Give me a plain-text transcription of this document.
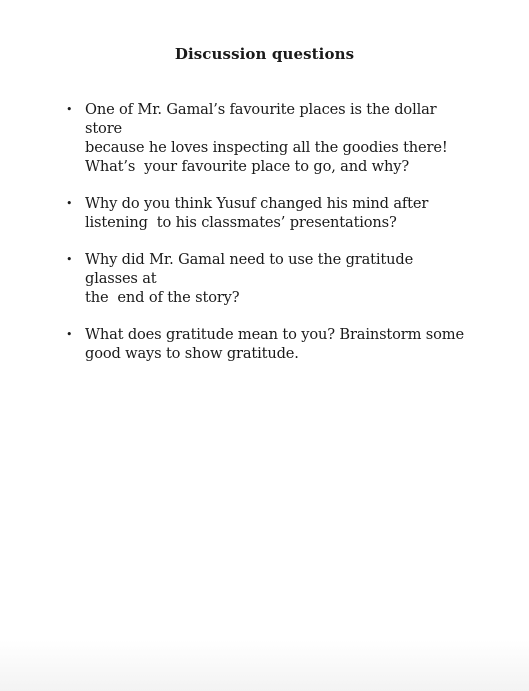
Discussion questions
• One of Mr. Gamal’s favourite places is the dollar store
because he loves inspecting all the goodies there!
What’s  your favourite place to go, and why?
• Why do you think Yusuf changed his mind after
listening  to his classmates’ presentations?
• Why did Mr. Gamal need to use the gratitude glasses at
the  end of the story?
• What does gratitude mean to you? Brainstorm some
good ways to show gratitude.
